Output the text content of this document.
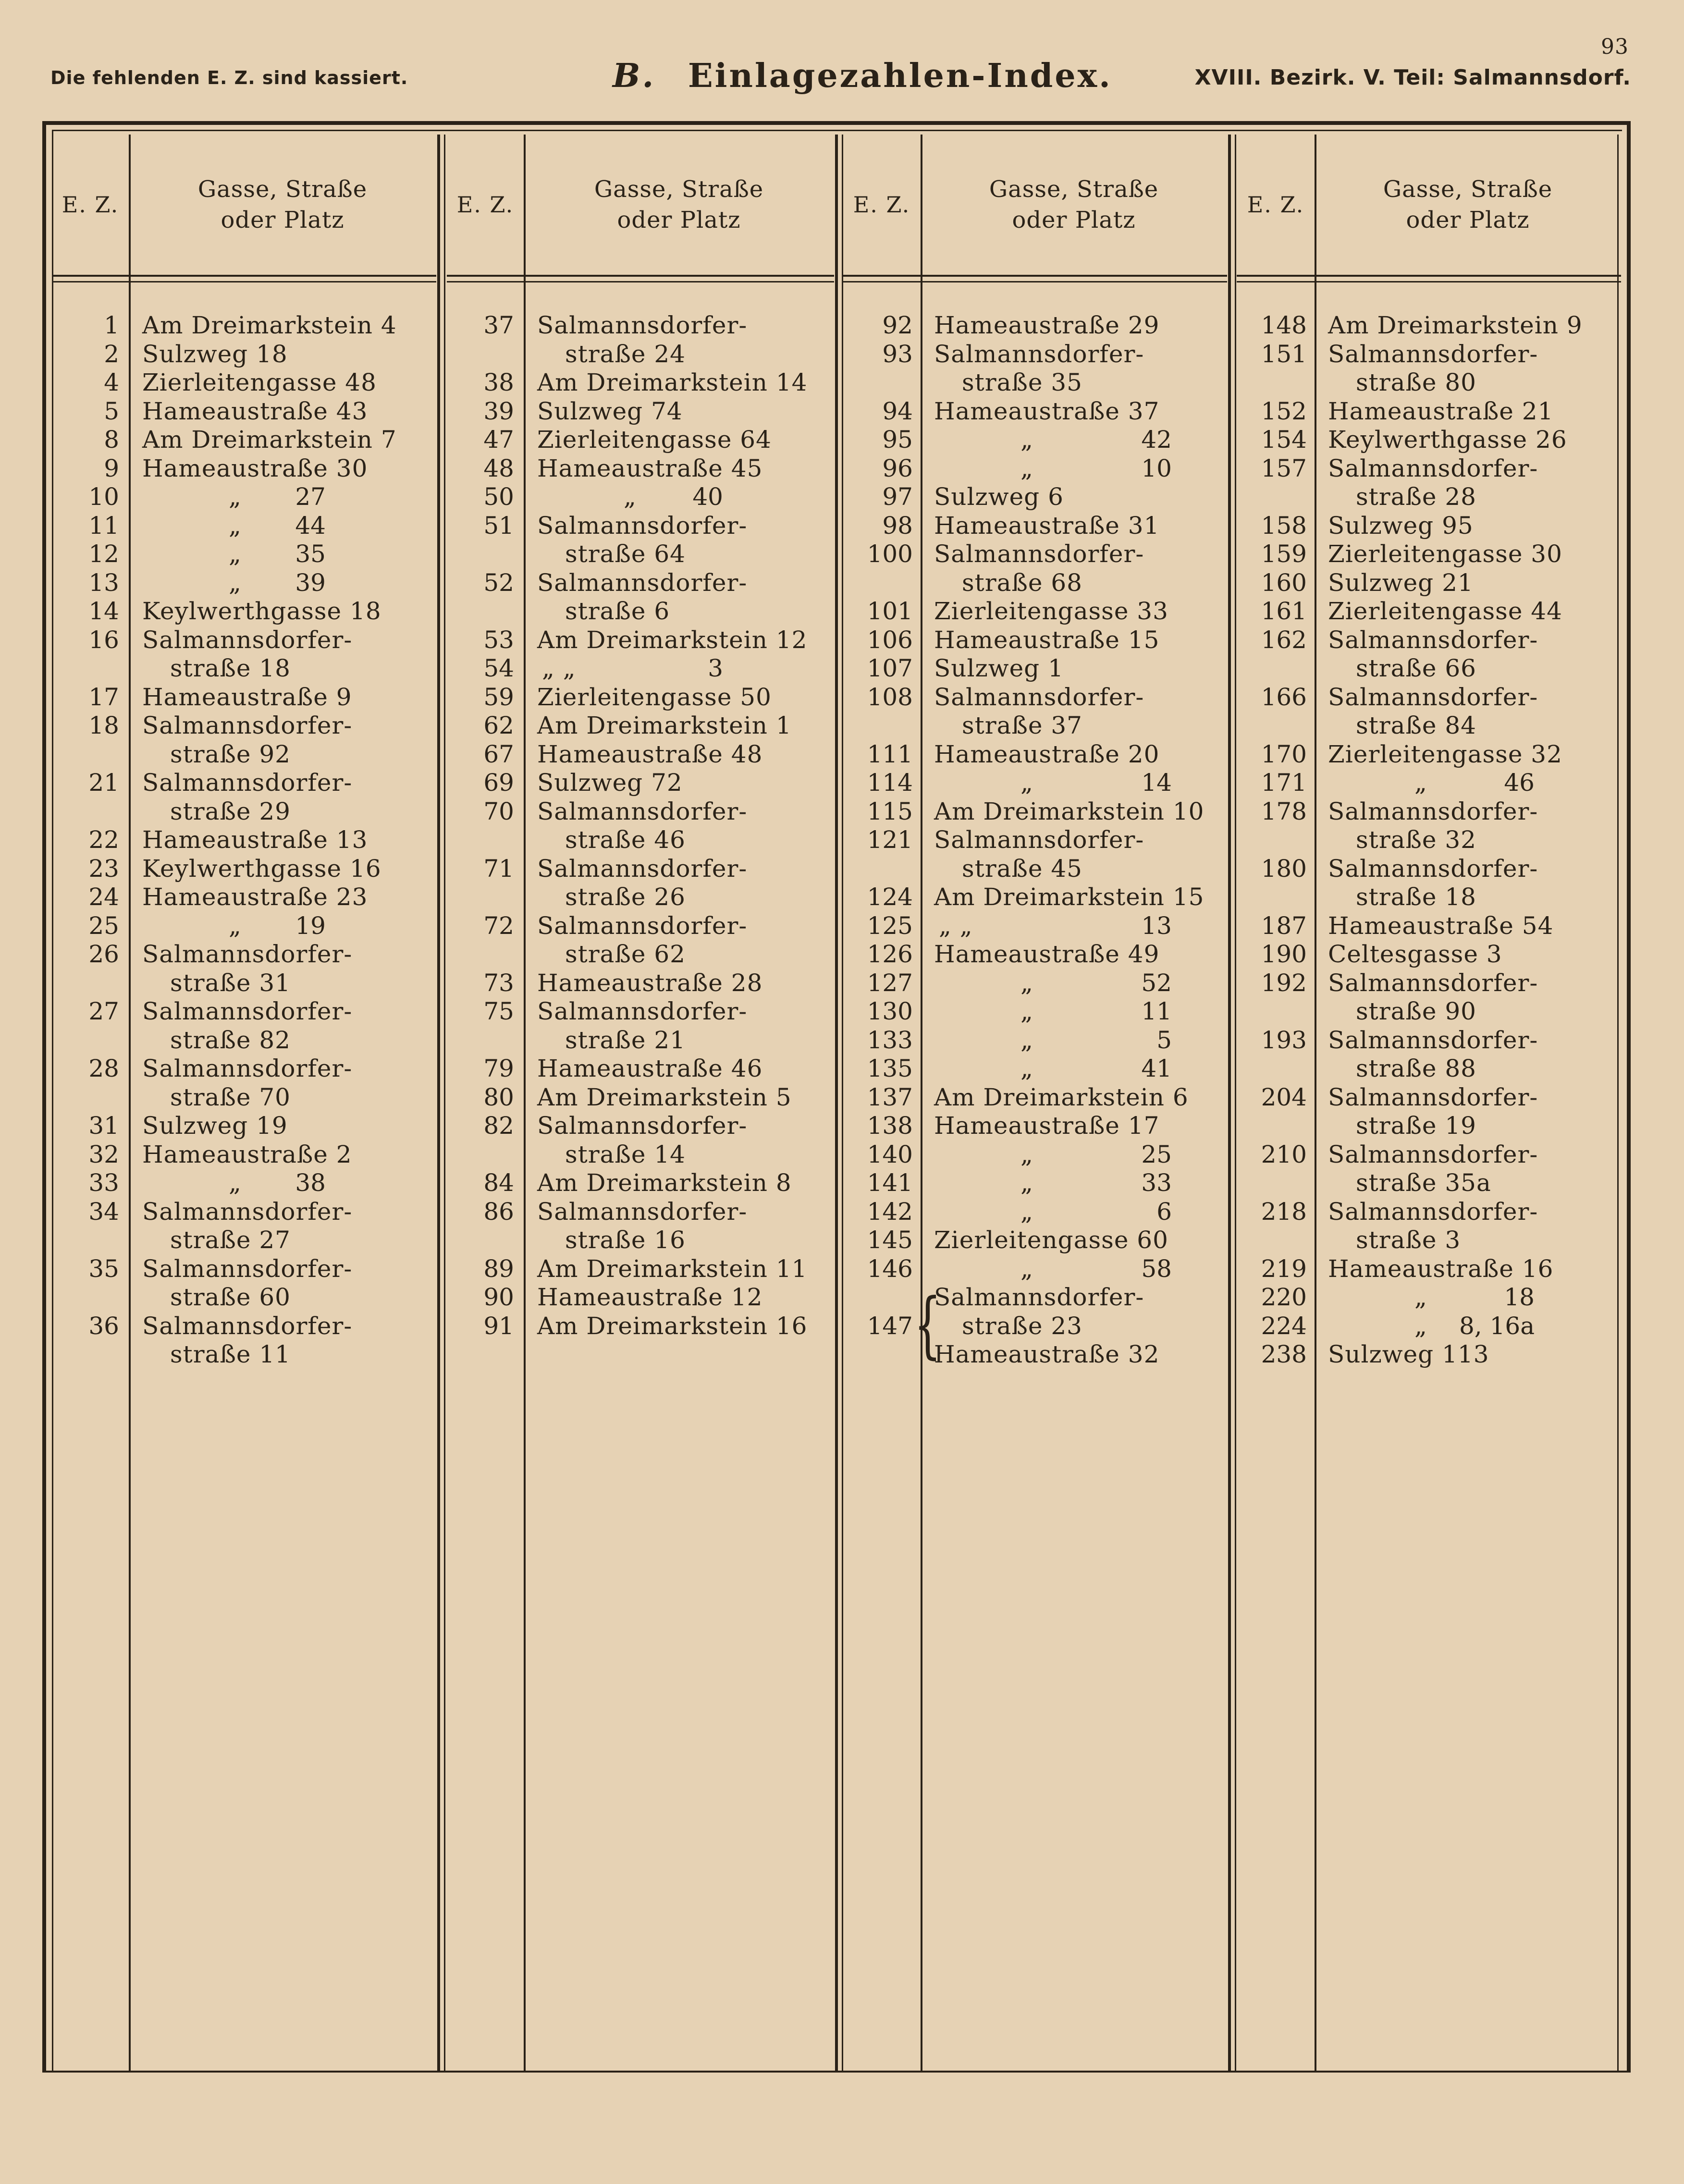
93
Die fehlenden E. Z. sind kassiert.	B. Einlagezahlen-Index.	XVIII. Bezirk. V. Teil: Salmannsdorf.
E. Z.
Gasse, Straße
oder Platz
1 Am Dreimarkstein 4
2 Sulzweg 18
4 Zierleitengasse 48
5 Hameaustraße 43
8 Am Dreimarkstein 7
9 Hameaustraße 30
10	„ 27
11	„ 44
12	„ 35
13	„ 39
14 Keylwerthgasse 18
16 Salmannsdorfer-
straße 18
17 Hameaustraße 9
18 Salmannsdorfer-
straße 92
21 Salmannsdorfer-
straße 29
22 Hameaustraße 13
23 Keylwerthgasse 16
24 Hameaustraße 23
25	„ 19
26 Salmannsdorfer-
straße 31
27 Salmannsdorfer-
straße 82
28 Salmannsdorfer-
straße 70
31 Sulzweg 19
32 Hameaustraße 2
33	„ 38
34 Salmannsdorfer-
straße 27
35 Salmannsdorfer-
straße 60
36 Salmannsdorfer-
straße 11
E. Z.
Gasse, Straße
oder Platz
37 Salmannsdorfer-
straße 24
38 Am Dreimarkstein 14
39 Sulzweg 74
47 Zierleitengasse 64
48 Hameaustraße 45
50	„ 40
51 Salmannsdorfer-
straße 64
52 Salmannsdorfer-
straße 6
53 Am Dreimarkstein 12
54 „ „	3
59 Zierleitengasse 50
62 Am Dreimarkstein 1
67 Hameaustraße 48
69 Sulzweg 72
70 Salmannsdorfer-
straße 46
71 Salmannsdorfer-
straße 26
72 Salmannsdorfer-
straße 62
73 Hameaustraße 28
75 Salmannsdorfer-
straße 21
79 Hameaustraße 46
80 Am Dreimarkstein 5
82 Salmannsdorfer-
straße 14
84 Am Dreimarkstein 8
86 Salmannsdorfer-
straße 16
89 Am Dreimarkstein 11
90 Hameaustraße 12
91 Am Dreimarkstein 16
E. Z.
Gasse, Straße
oder Platz
92 Hameaustraße 29
93 Salmannsdorfer-
straße 35
94 Hameaustraße 37
95	„	42
96	„	10
97 Sulzweg 6
98 Hameaustraße 31
100 Salmannsdorfer-
straße 68
101 Zierleitengasse 33
106 Hameaustraße 15
107 Sulzweg 1
108 Salmannsdorfer-
straße 37
111 Hameaustraße 20
114	„	14
115 Am Dreimarkstein 10
121 Salmannsdorfer-
straße 45
124 Am Dreimarkstein 15
125 „ „	13
126 Hameaustraße 49
127	„	52
130	„	11
133	„	5
135	„	41
137 Am Dreimarkstein 6
138 Hameaustraße 17
140	„	25
141	„	33
142	„	6
145 Zierleitengasse 60
146	„	58
Salmannsdorfer-
147 straße 23
Hameaustraße 32
{
E. Z.
Gasse, Straße
oder Platz
148 Am Dreimarkstein 9
151 Salmannsdorfer-
straße 80
152 Hameaustraße 21
154 Keylwerthgasse 26
157 Salmannsdorfer-
straße 28
158 Sulzweg 95
159 Zierleitengasse 30
160 Sulzweg 21
161 Zierleitengasse 44
162 Salmannsdorfer-
straße 66
166 Salmannsdorfer-
straße 84
170 Zierleitengasse 32
171	„	46
178 Salmannsdorfer-
straße 32
180 Salmannsdorfer-
straße 18
187 Hameaustraße 54
190 Celtesgasse 3
192 Salmannsdorfer-
straße 90
193 Salmannsdorfer-
straße 88
204 Salmannsdorfer-
straße 19
210 Salmannsdorfer-
straße 35a
218 Salmannsdorfer-
straße 3
219 Hameaustraße 16
220	„	18
224	„ 8, 16a
238 Sulzweg 113
